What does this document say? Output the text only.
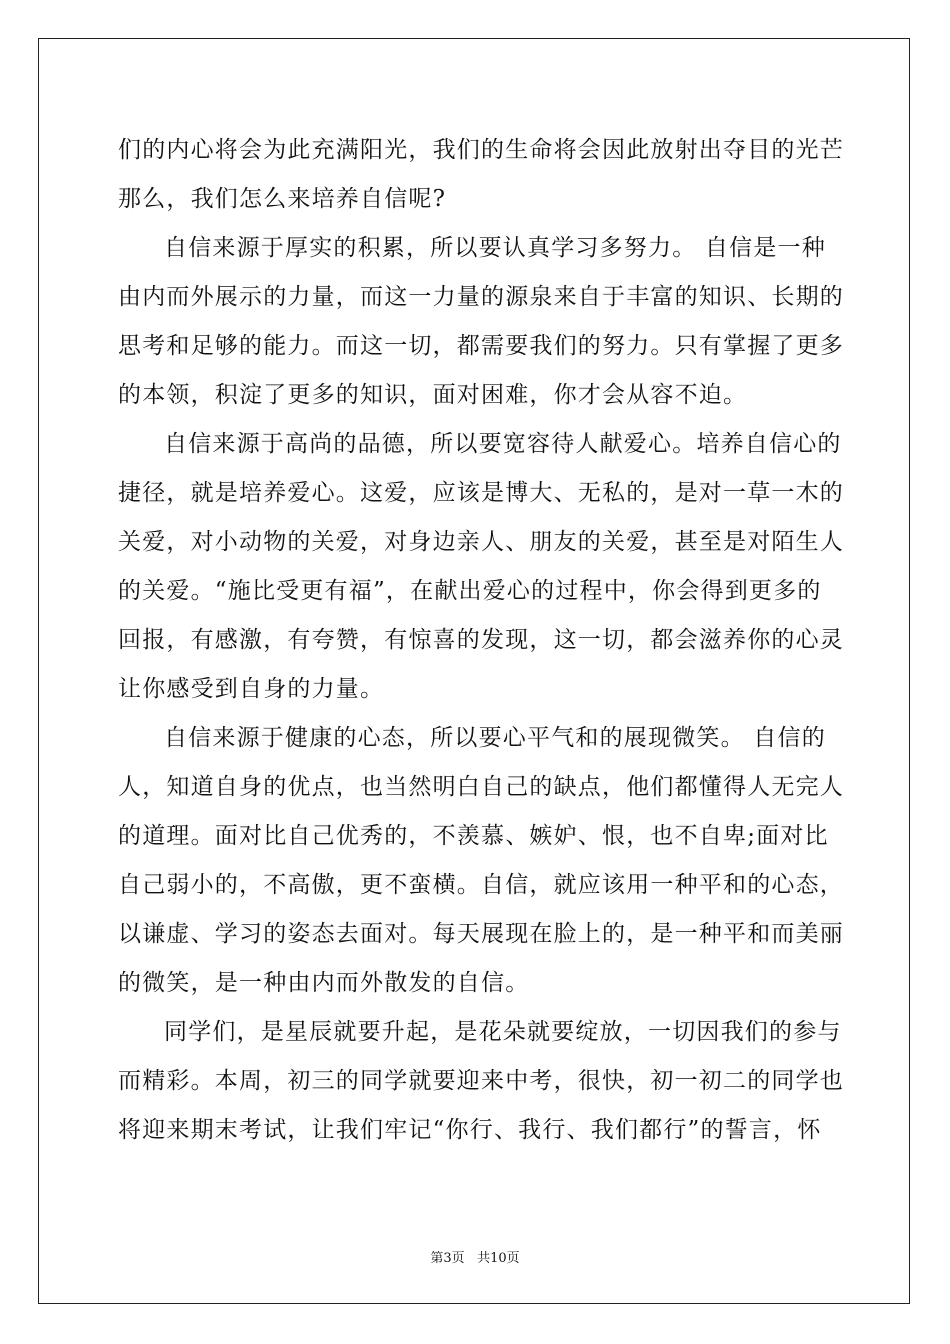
们的内心将会为此充满阳光，我们的生命将会因此放射出夺目的光芒
那么，我们怎么来培养自信呢?
自信来源于厚实的积累，所以要认真学习多努力。 自信是一种
由内而外展示的力量，而这一力量的源泉来自于丰富的知识、长期的
思考和足够的能力。而这一切，都需要我们的努力。只有掌握了更多
的本领，积淀了更多的知识，面对困难，你才会从容不迫。
自信来源于高尚的品德，所以要宽容待人献爱心。培养自信心的
捷径，就是培养爱心。这爱，应该是博大、无私的，是对一草一木的
关爱，对小动物的关爱，对身边亲人、朋友的关爱，甚至是对陌生人
的关爱。“施比受更有福”，在献出爱心的过程中，你会得到更多的
回报，有感激，有夸赞，有惊喜的发现，这一切，都会滋养你的心灵
让你感受到自身的力量。
自信来源于健康的心态，所以要心平气和的展现微笑。 自信的
人，知道自身的优点，也当然明白自己的缺点，他们都懂得人无完人
的道理。面对比自己优秀的，不羡慕、嫉妒、恨，也不自卑;面对比
自己弱小的，不高傲，更不蛮横。自信，就应该用一种平和的心态，
以谦虚、学习的姿态去面对。每天展现在脸上的，是一种平和而美丽
的微笑，是一种由内而外散发的自信。
同学们，是星辰就要升起，是花朵就要绽放，一切因我们的参与
而精彩。本周，初三的同学就要迎来中考，很快，初一初二的同学也
将迎来期末考试，让我们牢记“你行、我行、我们都行”的誓言，怀
第3页 共10页
